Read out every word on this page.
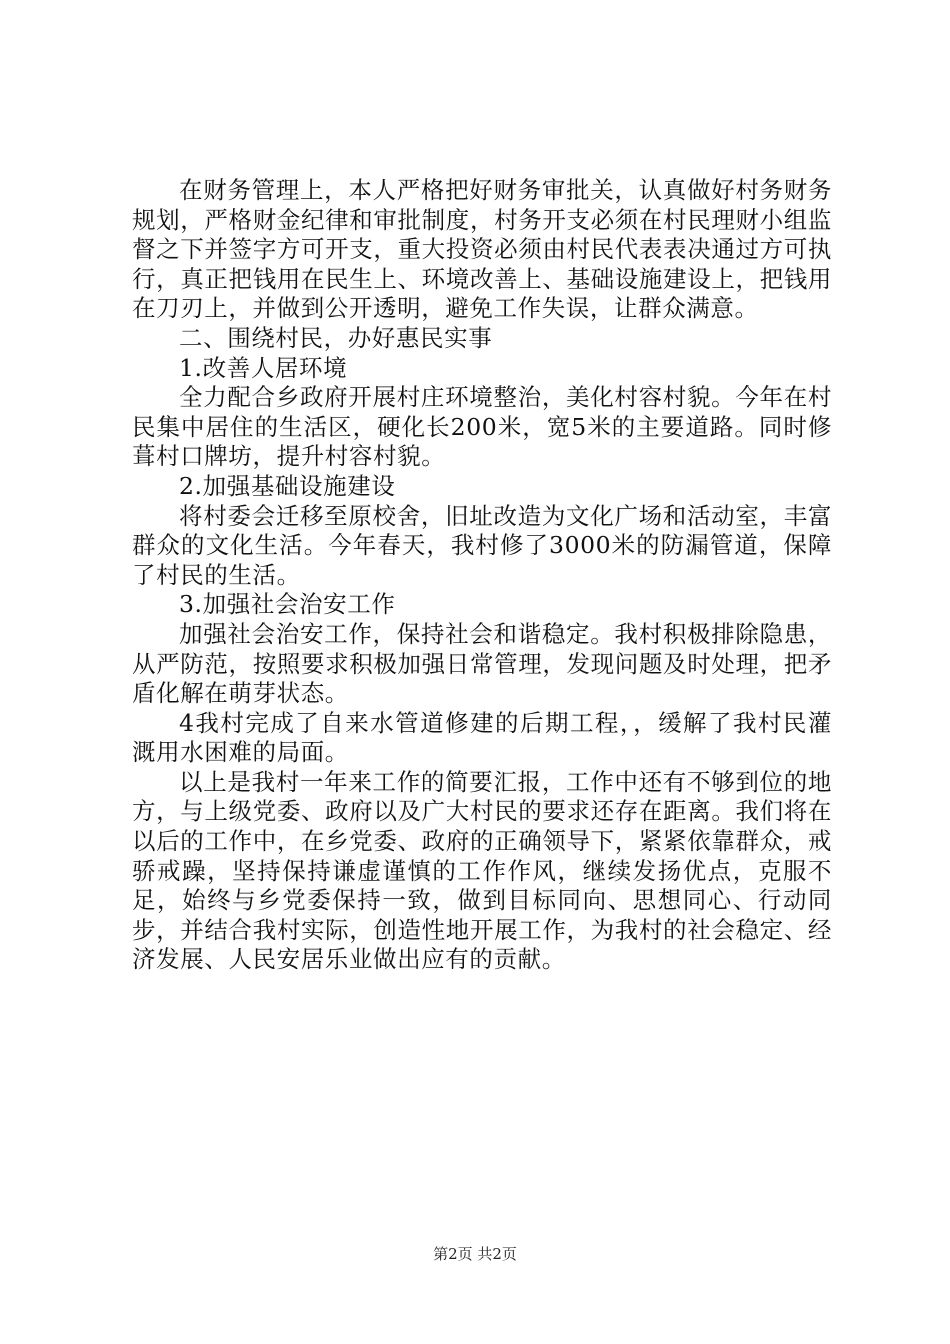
在财务管理上，本人严格把好财务审批关，认真做好村务财务规划，严格财金纪律和审批制度，村务开支必须在村民理财小组监督之下并签字方可开支，重大投资必须由村民代表表决通过方可执行，真正把钱用在民生上、环境改善上、基础设施建设上，把钱用在刀刃上，并做到公开透明，避免工作失误，让群众满意。

二、围绕村民，办好惠民实事

1.改善人居环境

全力配合乡政府开展村庄环境整治，美化村容村貌。今年在村民集中居住的生活区，硬化长200米，宽5米的主要道路。同时修葺村口牌坊，提升村容村貌。

2.加强基础设施建设

将村委会迁移至原校舍，旧址改造为文化广场和活动室，丰富群众的文化生活。今年春天，我村修了3000米的防漏管道，保障了村民的生活。

3.加强社会治安工作

加强社会治安工作，保持社会和谐稳定。我村积极排除隐患，从严防范，按照要求积极加强日常管理，发现问题及时处理，把矛盾化解在萌芽状态。

4我村完成了自来水管道修建的后期工程，，缓解了我村民灌溉用水困难的局面。

以上是我村一年来工作的简要汇报，工作中还有不够到位的地方，与上级党委、政府以及广大村民的要求还存在距离。我们将在以后的工作中，在乡党委、政府的正确领导下，紧紧依靠群众，戒骄戒躁，坚持保持谦虚谨慎的工作作风，继续发扬优点，克服不足，始终与乡党委保持一致，做到目标同向、思想同心、行动同步，并结合我村实际，创造性地开展工作，为我村的社会稳定、经济发展、人民安居乐业做出应有的贡献。

第2页 共2页
